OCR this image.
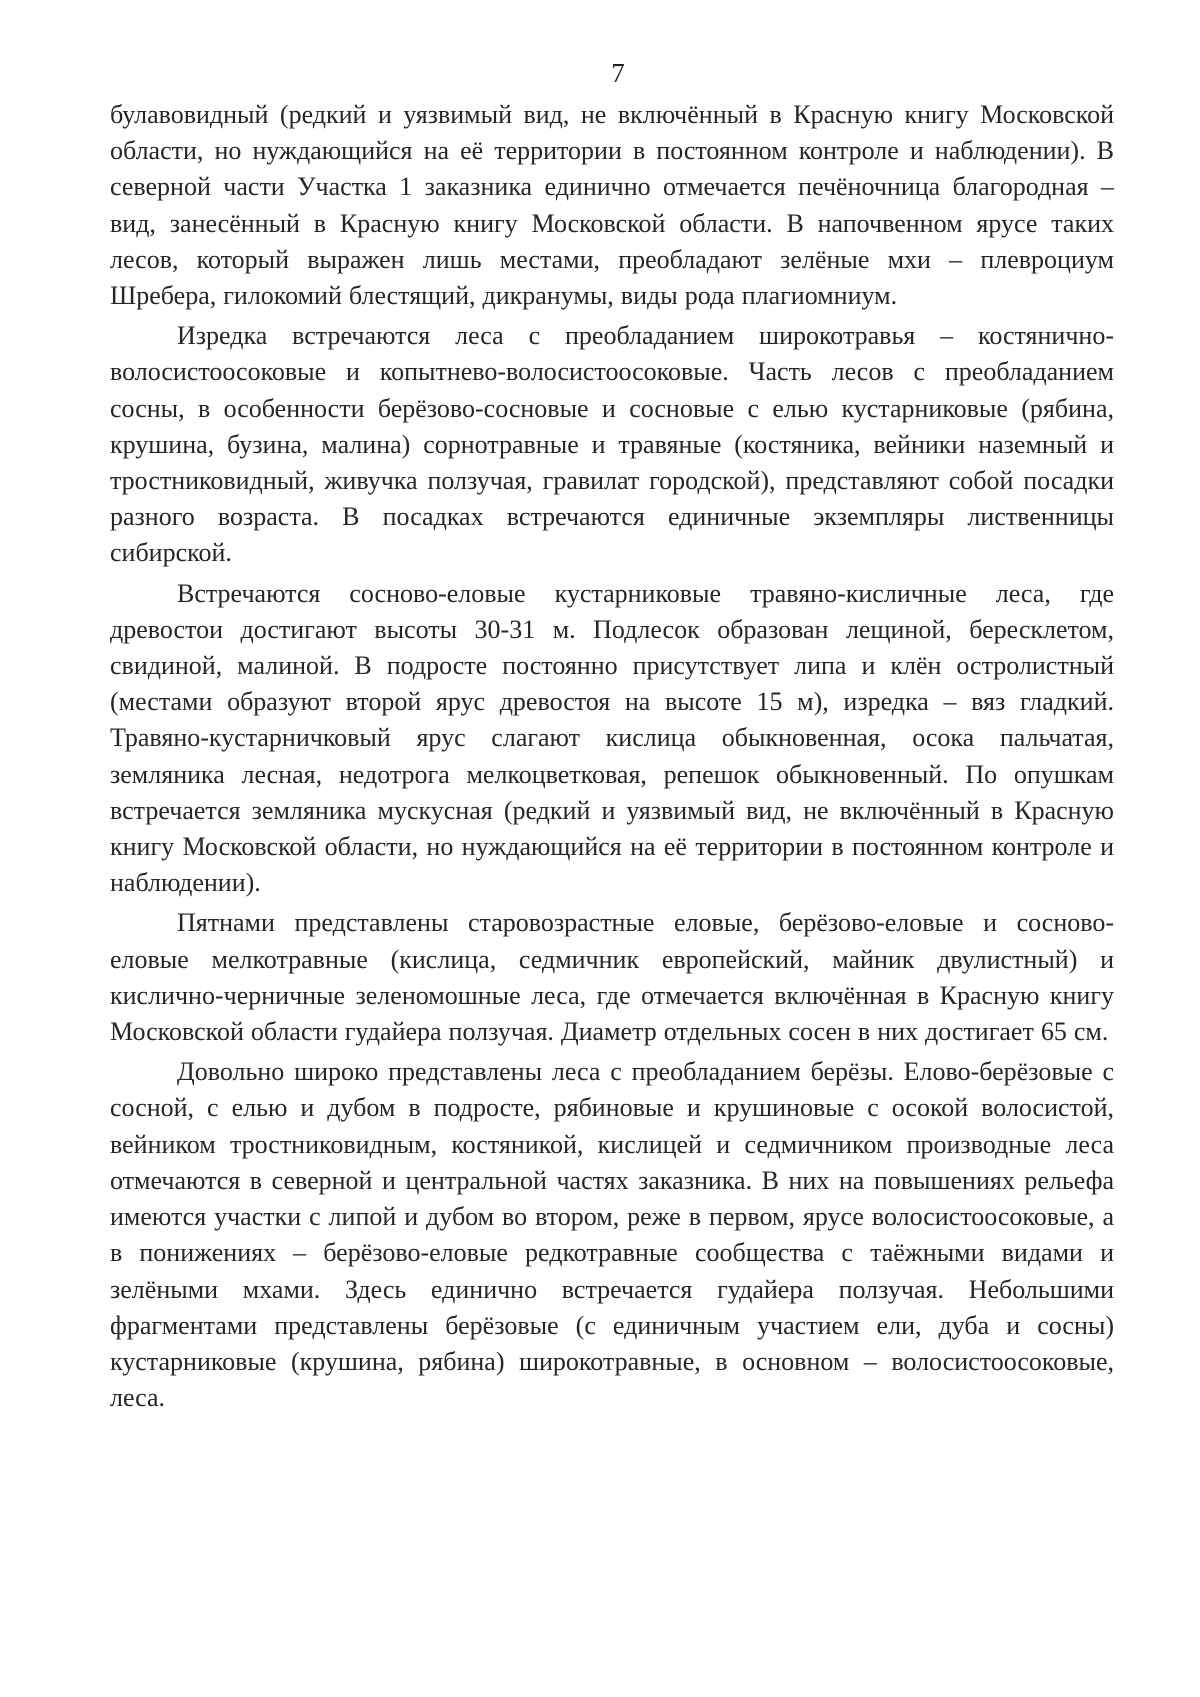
7

булавовидный (редкий и уязвимый вид, не включённый в Красную книгу Московской области, но нуждающийся на её территории в постоянном контроле и наблюдении). В северной части Участка 1 заказника единично отмечается печёночница благородная – вид, занесённый в Красную книгу Московской области. В напочвенном ярусе таких лесов, который выражен лишь местами, преобладают зелёные мхи – плевроциум Шребера, гилокомий блестящий, дикранумы, виды рода плагиомниум.

Изредка встречаются леса с преобладанием широкотравья – костянично-волосистоосоковые и копытнево-волосистоосоковые. Часть лесов с преобладанием сосны, в особенности берёзово-сосновые и сосновые с елью кустарниковые (рябина, крушина, бузина, малина) сорнотравные и травяные (костяника, вейники наземный и тростниковидный, живучка ползучая, гравилат городской), представляют собой посадки разного возраста. В посадках встречаются единичные экземпляры лиственницы сибирской.

Встречаются сосново-еловые кустарниковые травяно-кисличные леса, где древостои достигают высоты 30-31 м. Подлесок образован лещиной, бересклетом, свидиной, малиной. В подросте постоянно присутствует липа и клён остролистный (местами образуют второй ярус древостоя на высоте 15 м), изредка – вяз гладкий. Травяно-кустарничковый ярус слагают кислица обыкновенная, осока пальчатая, земляника лесная, недотрога мелкоцветковая, репешок обыкновенный. По опушкам встречается земляника мускусная (редкий и уязвимый вид, не включённый в Красную книгу Московской области, но нуждающийся на её территории в постоянном контроле и наблюдении).

Пятнами представлены старовозрастные еловые, берёзово-еловые и сосново-еловые мелкотравные (кислица, седмичник европейский, майник двулистный) и кислично-черничные зеленомошные леса, где отмечается включённая в Красную книгу Московской области гудайера ползучая. Диаметр отдельных сосен в них достигает 65 см.

Довольно широко представлены леса с преобладанием берёзы. Елово-берёзовые с сосной, с елью и дубом в подросте, рябиновые и крушиновые с осокой волосистой, вейником тростниковидным, костяникой, кислицей и седмичником производные леса отмечаются в северной и центральной частях заказника. В них на повышениях рельефа имеются участки с липой и дубом во втором, реже в первом, ярусе волосистоосоковые, а в понижениях – берёзово-еловые редкотравные сообщества с таёжными видами и зелёными мхами. Здесь единично встречается гудайера ползучая. Небольшими фрагментами представлены берёзовые (с единичным участием ели, дуба и сосны) кустарниковые (крушина, рябина) широкотравные, в основном – волосистоосоковые, леса.
